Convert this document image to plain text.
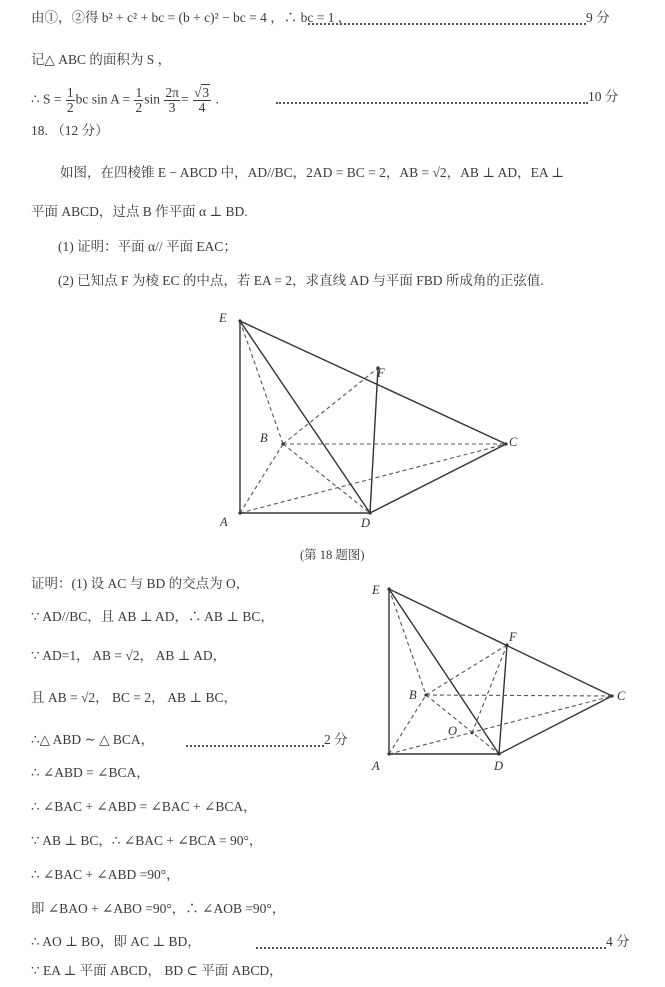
由①，②得 b² + c² + bc = (b + c)² − bc = 4 ，∴ bc = 1 ，	9 分
记△ ABC 的面积为 S ，
∴ $S = \frac{1}{2}$ bc $\sin A = \frac{1}{2}$ $\sin \frac{2\pi}{3} = \frac{√3}{4}$ .	10 分
18. （12 分）
如图，在四棱锥 E − ABCD 中，AD//BC，2AD = BC = 2，AB = √2，AB ⊥ AD，EA ⊥
平面 ABCD，过点 B 作平面 α ⊥ BD.
(1) 证明：平面 α// 平面 EAC；
(2) 已知点 F 为棱 EC 的中点，若 EA = 2，求直线 AD 与平面 FBD 所成角的正弦值.
E
F
B	C
A	D
(第 18 题图)
证明：(1) 设 AC 与 BD 的交点为 O，
∵ AD//BC，且 AB ⊥ AD，∴ AB ⊥ BC，
∵ AD=1， AB = √2， AB ⊥ AD，
且 AB = √2， BC = 2， AB ⊥ BC，
∴△ ABD ∼ △ BCA，	2 分
∴ ∠ABD = ∠BCA，
∴ ∠BAC + ∠ABD = ∠BAC + ∠BCA，
∵ AB ⊥ BC，∴ ∠BAC + ∠BCA = 90°，
∴ ∠BAC + ∠ABD =90°，
即 ∠BAO + ∠ABO =90°，∴ ∠AOB =90°，
∴ AO ⊥ BO，即 AC ⊥ BD，	4 分
∵ EA ⊥ 平面 ABCD， BD ⊂ 平面 ABCD，
E
F
B	C
O
A	D
